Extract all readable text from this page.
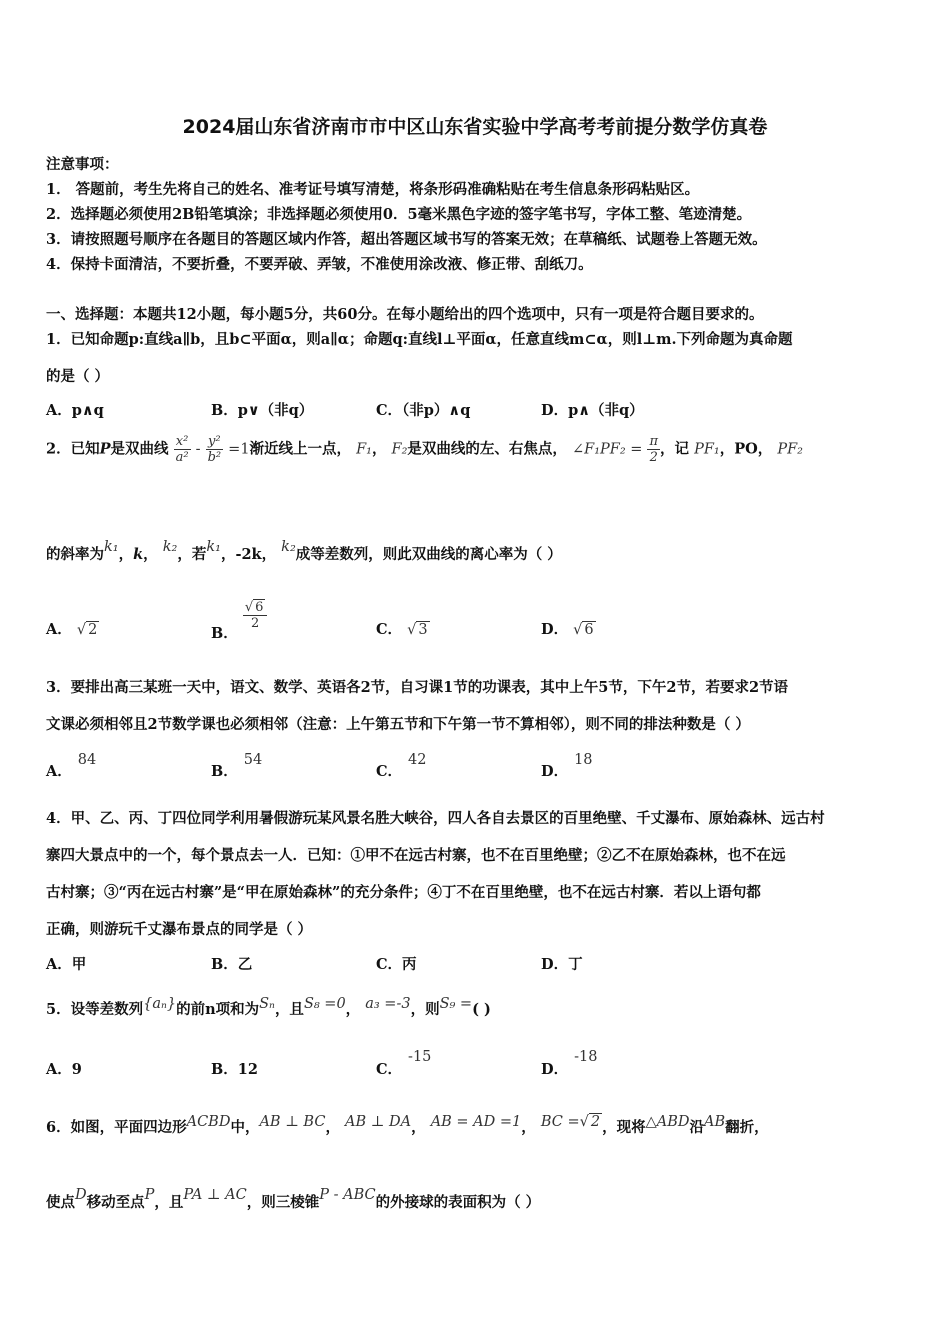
2024届山东省济南市市中区山东省实验中学高考考前提分数学仿真卷
注意事项：
1． 答题前，考生先将自己的姓名、准考证号填写清楚，将条形码准确粘贴在考生信息条形码粘贴区。
2．选择题必须使用2B铅笔填涂；非选择题必须使用0．5毫米黑色字迹的签字笔书写，字体工整、笔迹清楚。
3．请按照题号顺序在各题目的答题区域内作答，超出答题区域书写的答案无效；在草稿纸、试题卷上答题无效。
4．保持卡面清洁，不要折叠，不要弄破、弄皱，不准使用涂改液、修正带、刮纸刀。
一、选择题：本题共12小题，每小题5分，共60分。在每小题给出的四个选项中，只有一项是符合题目要求的。
1．已知命题p:直线a∥b，且b⊂平面α，则a∥α；命题q:直线l⊥平面α，任意直线m⊂α，则l⊥m.下列命题为真命题
的是（ ）
A．p∧q	B．p∨（非q）	C．（非p）∧q	D．p∧（非q）
2．已知P是双曲线 $\frac{\text{x²}}{\text{a²}} - \frac{\text{y²}}{\text{b²}} =1$渐近线上一点， F₁， F₂是双曲线的左、右焦点， ∠F₁PF₂ = $\frac{\pi}{2}$ ，记 PF₁，PO， PF₂
的斜率为k₁，k， k₂，若k₁，-2k， k₂成等差数列，则此双曲线的离心率为（ ）
A． √ 2	B．
$\frac{√ 6}{2}$	C． √ 3	D． √ 6
3．要排出高三某班一天中，语文、数学、英语各2节，自习课1节的功课表，其中上午5节，下午2节，若要求2节语
文课必须相邻且2节数学课也必须相邻（注意：上午第五节和下午第一节不算相邻），则不同的排法种数是（ ）
A．84
B．54
C．42
D．18
4．甲、乙、丙、丁四位同学利用暑假游玩某风景名胜大峡谷，四人各自去景区的百里绝壁、千丈瀑布、原始森林、远古村
寨四大景点中的一个，每个景点去一人．已知：①甲不在远古村寨，也不在百里绝壁；②乙不在原始森林，也不在远
古村寨；③“丙在远古村寨”是“甲在原始森林”的充分条件；④丁不在百里绝壁，也不在远古村寨．若以上语句都
正确，则游玩千丈瀑布景点的同学是（ ）
A．甲	B．乙	C．丙	D．丁
5．设等差数列{aₙ}的前n项和为Sₙ，且S₈ =0， a₃ =-3，则S₉ =( )
A．9	B．12	C．-15
D．-18
6．如图，平面四边形ACBD中，AB ⊥ BC， AB ⊥ DA， AB = AD =1， BC =√ 2 ，现将△ABD沿AB翻折，
使点D移动至点P，且PA ⊥ AC，则三棱锥P - ABC的外接球的表面积为（ ）
